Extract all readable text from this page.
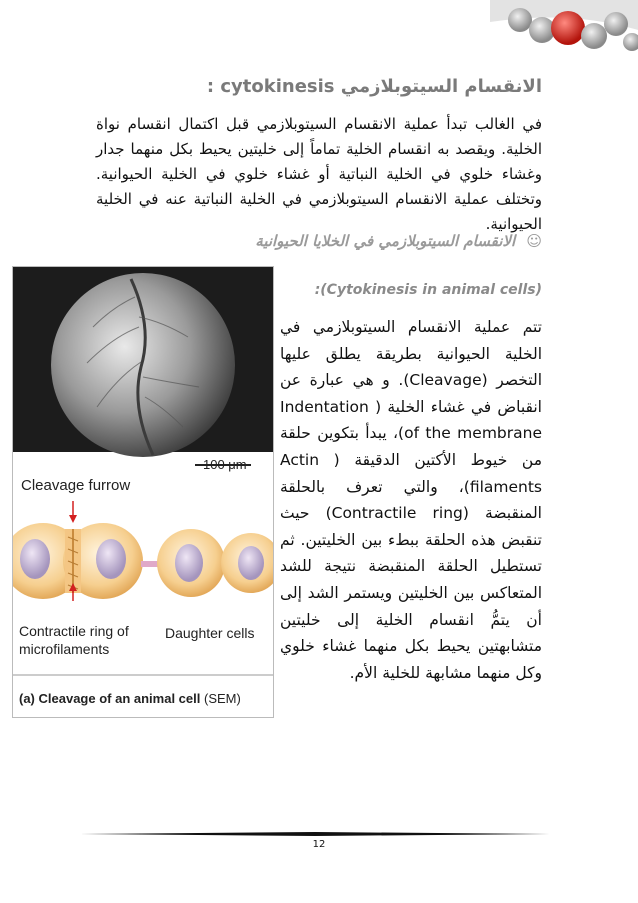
الانقسام السيتوبلازمي cytokinesis :
في الغالب تبدأ عملية الانقسام السيتوبلازمي قبل اكتمال انقسام نواة الخلية. ويقصد به انقسام الخلية تماماً إلى خليتين يحيط بكل منهما جدار وغشاء خلوي في الخلية النباتية أو غشاء خلوي في الخلية الحيوانية. وتختلف عملية الانقسام السيتوبلازمي في الخلية النباتية عنه في الخلية الحيوانية.
☺ الانقسام السيتوبلازمي في الخلايا الحيوانية
:(Cytokinesis in animal cells)
تتم عملية الانقسام السيتوبلازمي في الخلية الحيوانية بطريقة يطلق عليها التخصر (Cleavage). و هي عبارة عن انقباض في غشاء الخلية ( Indentation of the membrane)، يبدأ بتكوين حلقة من خيوط الأكتين الدقيقة ( Actin filaments)، والتي تعرف بالحلقة المنقبضة (Contractile ring) حيث تنقبض هذه الحلقة ببطء بين الخليتين. ثم تستطيل الحلقة المنقبضة نتيجة للشد المتعاكس بين الخليتين ويستمر الشد إلى أن يتمُّ انقسام الخلية إلى خليتين متشابهتين يحيط بكل منهما غشاء خلوي وكل منهما مشابهة للخلية الأم.
100 μm
Cleavage furrow
Contractile ring of
microfilaments
Daughter cells
(a) Cleavage of an animal cell (SEM)
12
